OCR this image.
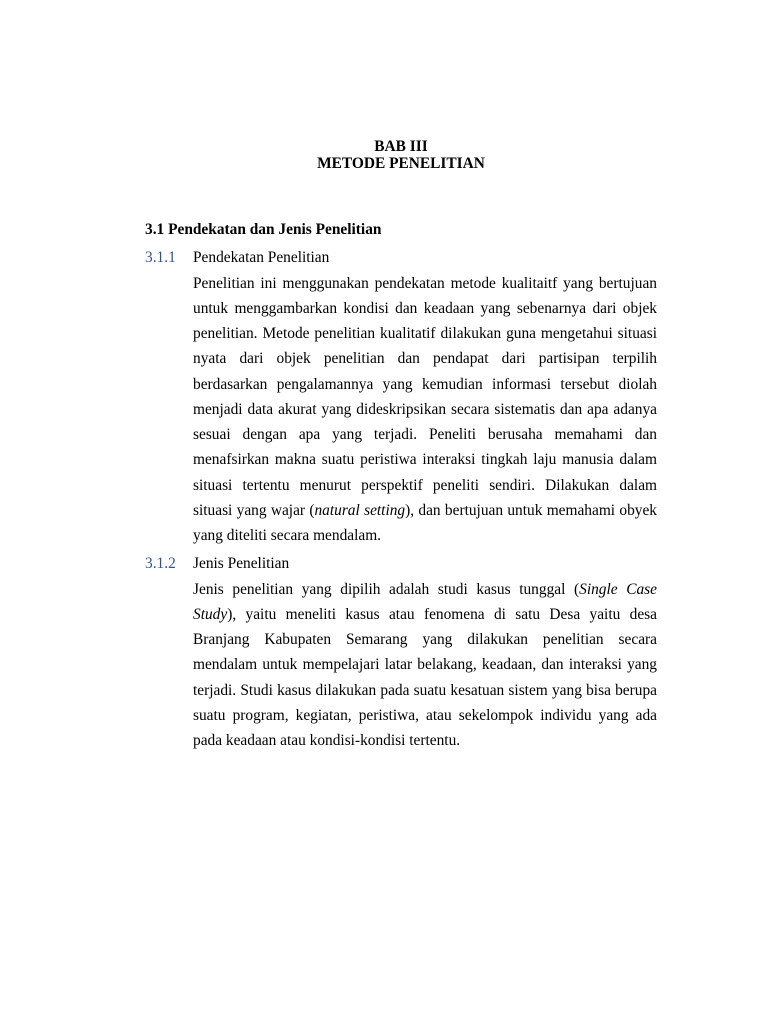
BAB III
METODE PENELITIAN
3.1 Pendekatan dan Jenis Penelitian
3.1.1 Pendekatan Penelitian
Penelitian ini menggunakan pendekatan metode kualitaitf yang bertujuan
untuk menggambarkan kondisi dan keadaan yang sebenarnya dari objek
penelitian. Metode penelitian kualitatif dilakukan guna mengetahui situasi
nyata dari objek penelitian dan pendapat dari partisipan terpilih
berdasarkan pengalamannya yang kemudian informasi tersebut diolah
menjadi data akurat yang dideskripsikan secara sistematis dan apa adanya
sesuai dengan apa yang terjadi. Peneliti berusaha memahami dan
menafsirkan makna suatu peristiwa interaksi tingkah laju manusia dalam
situasi tertentu menurut perspektif peneliti sendiri. Dilakukan dalam
situasi yang wajar (natural setting), dan bertujuan untuk memahami obyek
yang diteliti secara mendalam.
3.1.2 Jenis Penelitian
Jenis penelitian yang dipilih adalah studi kasus tunggal (Single Case
Study), yaitu meneliti kasus atau fenomena di satu Desa yaitu desa
Branjang Kabupaten Semarang yang dilakukan penelitian secara
mendalam untuk mempelajari latar belakang, keadaan, dan interaksi yang
terjadi. Studi kasus dilakukan pada suatu kesatuan sistem yang bisa berupa
suatu program, kegiatan, peristiwa, atau sekelompok individu yang ada
pada keadaan atau kondisi-kondisi tertentu.
